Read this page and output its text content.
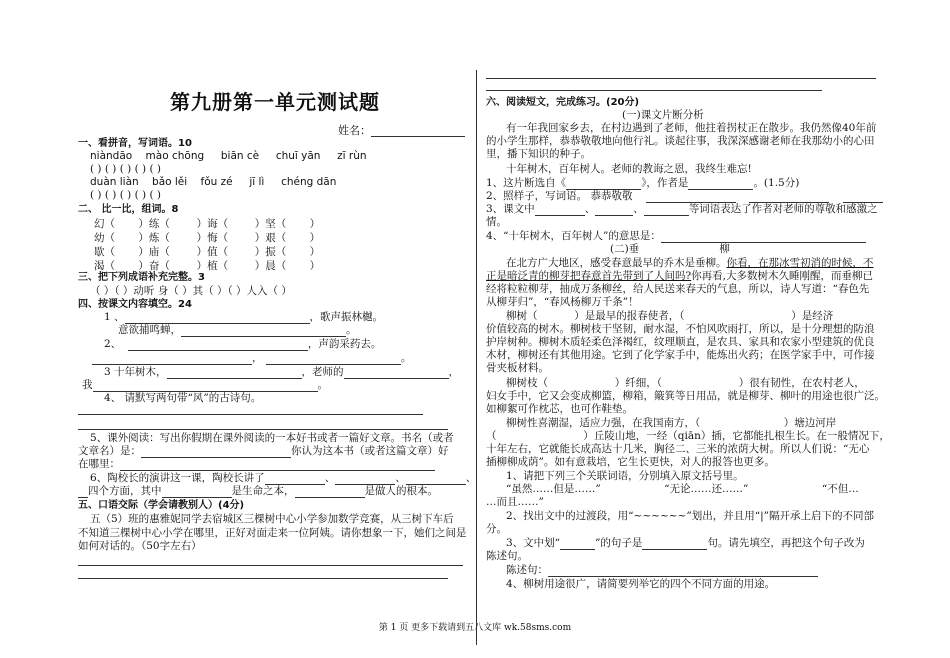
第九册第一单元测试题
姓名：
一、看拼音，写词语。10
niàndāo mào chōng biān cè chuī yān zī rùn
( ) ( ) ( ) ( ) ( )
duàn liàn bǎo lěi fǒu zé jī lì chéng dān
( ) ( ) ( ) ( ) ( )
二、 比一比，组词。8
幻（ ）练（	）诲（	）坚（ ）
幼（ ）炼（	）悔（	）艰（ ）
歇（ ）庙（	）值（	）振（ ）
渴（ ）奋（	）植（	）晨（ ）
三、把下列成语补充完整。3
（ ）（ ）动听 身（ ）其（ ）（ ）人入（ ）
四、按课文内容填空。24
1 、	，歌声振林樾。
意欲捕鸣蝉，	。
2、	，声韵采药去。
，	。
3 十年树木，	，老师的	，
我	。
4、 请默写两句带“风”的古诗句。
5、课外阅读：写出你假期在课外阅读的一本好书或者一篇好文章。书名（或者
文章名）是：	你认为这本书（或者这篇文章）好
在哪里：
6、陶校长的演讲这一课，陶校长讲了	、	、	、
四个方面，其中	是生命之本，	是做人的根本。
五、口语交际（学会请教别人）(4分)
五（5）班的惠雅妮同学去宿城区三棵树中心小学参加数学竞赛，从三树下车后
不知道三棵树中心小学在哪里，正好对面走来一位阿姨。请你想象一下，她们之间是
如何对话的。（50字左右）
六、阅读短文，完成练习。(20分)
(一)课文片断分析
有一年我回家乡去，在村边遇到了老师，他拄着拐杖正在散步。我仍然像40年前
的小学生那样，恭恭敬敬地向他行礼。谈起往事，我深深感谢老师在我那幼小的心田
里，播下知识的种子。
十年树木，百年树人。老师的教诲之恩，我终生难忘!
1、这片断选自《	》，作者是	。(1.5分)
2、照样子，写词语。 恭恭敬敬
3、课文中	、	、	等词语表达了作者对老师的尊敬和感激之
情。
4、“十年树木，百年树人”的意思是：
(二)垂	柳
在北方广大地区，感受春意最早的乔木是垂柳。你看，在那冰雪初消的时候，不
正是暗泛青的柳芽把春意首先带到了人间吗?你再看,大多数树木久睡刚醒，而垂柳已
经将粒粒柳芽，抽成万条柳丝，给人民送来春天的气息，所以，诗人写道：“春色先
从柳芽归”，“春风杨柳万千条”！
柳树（	）是最早的报春使者，（	）是经济
价值较高的树木。柳树枝干坚韧，耐水湿，不怕风吹雨打，所以，是十分理想的防浪
护岸树种。柳树木质轻柔色泽褐红，纹理顺直，是农具、家具和农家小型建筑的优良
木材，柳树还有其他用途。它到了化学家手中，能炼出火药；在医学家手中，可作接
骨夹板材料。
柳树枝（	）纤细，（	）很有韧性，在农村老人，
妇女手中，它又会变成柳篮，柳箱，簸箕等日用品，就是柳芽、柳叶的用途也很广泛。
如柳絮可作枕芯，也可作鞋垫。
柳树性喜潮湿，适应力强，在我国南方，（	）塘边河岸
（	）丘陵山地，一经（qiān）插，它都能扎根生长。在一般情况下，
十年左右，它就能长成高达十几米，胸径二、三米的浓荫大树。所以人们说：“无心
插柳柳成荫”。如有意栽培，它生长更快，对人的报答也更多。
1、请把下列三个关联词语，分别填入原文括号里。
“虽然……但是……”	“无论……还……”	“不但…
…而且……”
2、找出文中的过渡段，用“~~~~~~”划出，并且用“|”隔开承上启下的不同部
分。
3、文中划“	”的句子是	句。请先填空，再把这个句子改为
陈述句。
陈述句：
4、柳树用途很广，请简要列举它的四个不同方面的用途。
第 1 页 更多下载请到五八文库 wk.58sms.com
